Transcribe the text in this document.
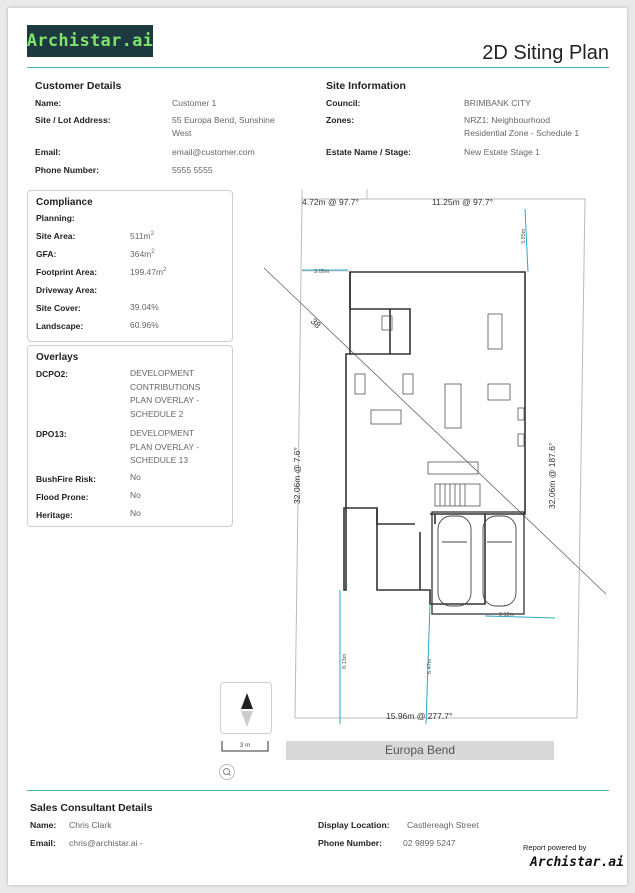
Archistar.ai
2D Siting Plan
Customer Details
Name:	Customer 1
Site / Lot Address:	55 Europa Bend, Sunshine
West
Email:	email@customer.com
Phone Number:	5555 5555
Site Information
Council:	BRIMBANK CITY
Zones:	NRZ1: Neighbourhood
Residential Zone - Schedule 1
Estate Name / Stage:	New Estate Stage 1
Compliance
Planning:
Site Area:	$511m^2$
GFA:	$364m^2$
Footprint Area:	$199.47m^2$
Driveway Area:
Site Cover:	39.04%
Landscape:	60.96%
Overlays
DCPO2:	DEVELOPMENT
CONTRIBUTIONS
PLAN OVERLAY -
SCHEDULE 2
DPO13:	DEVELOPMENT
PLAN OVERLAY -
SCHEDULE 13
BushFire Risk:	No
Flood Prone:	No
Heritage:	No
4.72m @ 97.7°	11.25m @ 97.7°
32.06m @ 7.6°	32.06m @ 187.6°
15.96m @ 277.7°
38
3.05m
3.95m
8.13m	6.47m
2.12m
3 m	Europa Bend
Sales Consultant Details
Name: Chris Clark
Email: chris@archistar.ai -
Display Location: Castlereagh Street
Phone Number: 02 9899 5247	Report powered by
Archistar.ai
